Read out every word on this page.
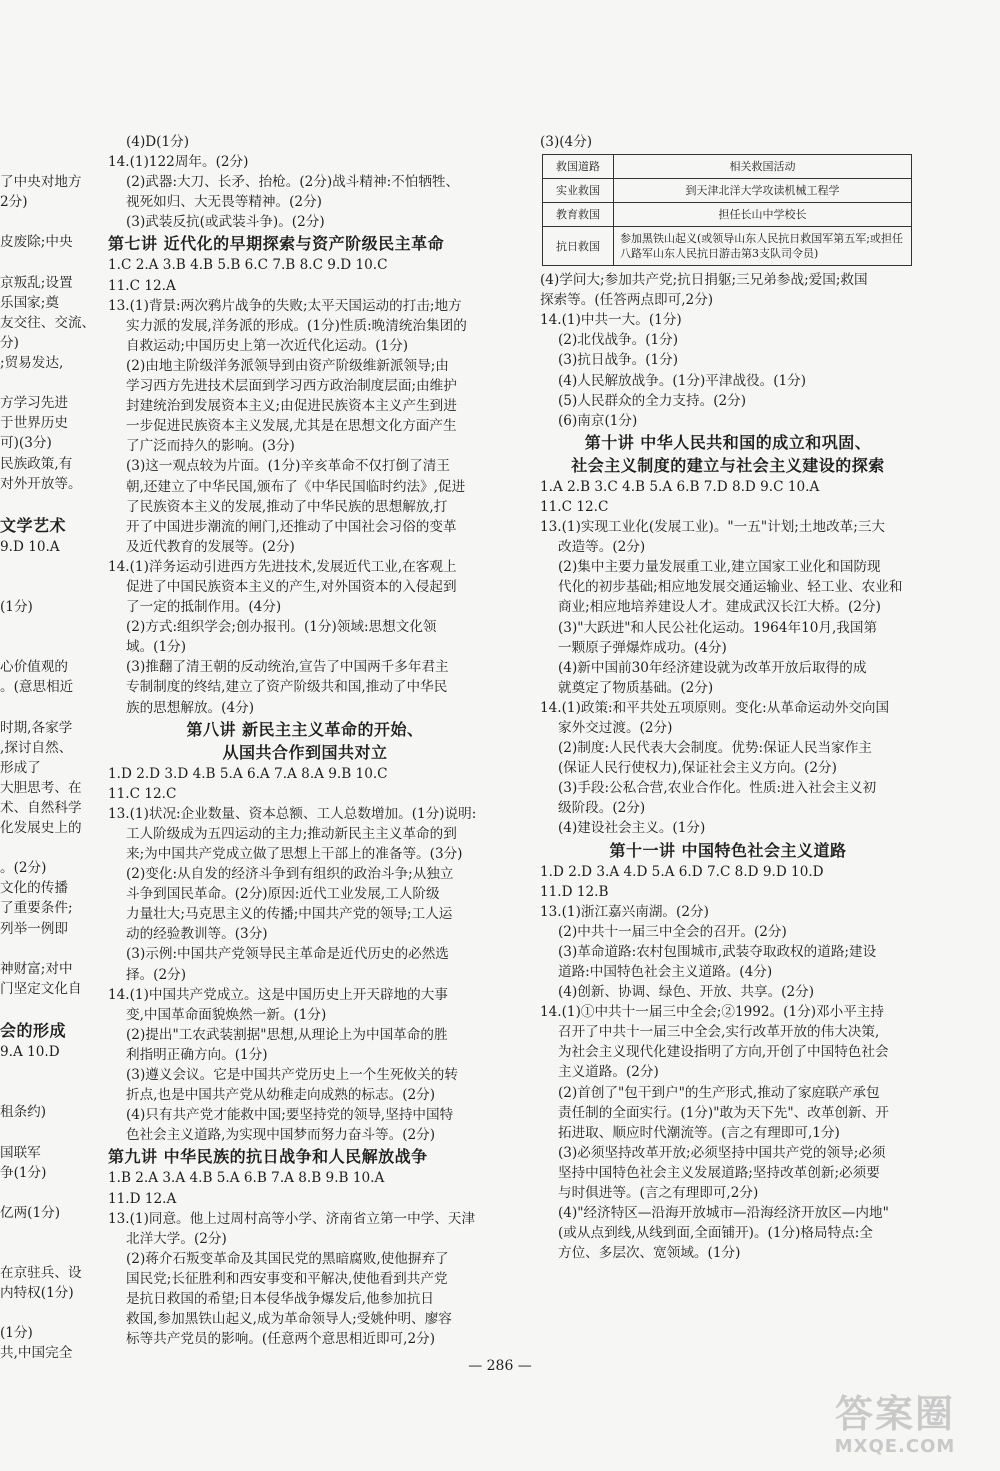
了中央对地方
2分)

皮废除;中央

京叛乱;设置
乐国家;奠
友交往、交流、
分)
;贸易发达,

方学习先进
于世界历史
可)(3分)
民族政策,有
对外开放等。

文学艺术
9.D 10.A

(1分)

心价值观的
。(意思相近

时期,各家学
,探讨自然、
形成了
大胆思考、在
术、自然科学
化发展史上的

。(2分)
文化的传播
了重要条件;
列举一例即

神财富;对中
门坚定文化自

会的形成
9.A 10.D

租条约)

国联军
争(1分)

亿两(1分)

在京驻兵、设
内特权(1分)

(1分)
共,中国完全
(4)D(1分)
14.(1)122周年。(2分)
(2)武器:大刀、长矛、抬枪。(2分)战斗精神:不怕牺牲、
视死如归、大无畏等精神。(2分)
(3)武装反抗(或武装斗争)。(2分)
第七讲 近代化的早期探索与资产阶级民主革命
1.C 2.A 3.B 4.B 5.B 6.C 7.B 8.C 9.D 10.C
11.C 12.A
13.(1)背景:两次鸦片战争的失败;太平天国运动的打击;地方
实力派的发展,洋务派的形成。(1分)性质:晚清统治集团的
自救运动;中国历史上第一次近代化运动。(1分)
(2)由地主阶级洋务派领导到由资产阶级维新派领导;由
学习西方先进技术层面到学习西方政治制度层面;由维护
封建统治到发展资本主义;由促进民族资本主义产生到进
一步促进民族资本主义发展,尤其是在思想文化方面产生
了广泛而持久的影响。(3分)
(3)这一观点较为片面。(1分)辛亥革命不仅打倒了清王
朝,还建立了中华民国,颁布了《中华民国临时约法》,促进
了民族资本主义的发展,推动了中华民族的思想解放,打
开了中国进步潮流的闸门,还推动了中国社会习俗的变革
及近代教育的发展等。(2分)
14.(1)洋务运动引进西方先进技术,发展近代工业,在客观上
促进了中国民族资本主义的产生,对外国资本的入侵起到
了一定的抵制作用。(4分)
(2)方式:组织学会;创办报刊。(1分)领域:思想文化领
域。(1分)
(3)推翻了清王朝的反动统治,宣告了中国两千多年君主
专制制度的终结,建立了资产阶级共和国,推动了中华民
族的思想解放。(4分)
第八讲 新民主主义革命的开始、
从国共合作到国共对立
1.D 2.D 3.D 4.B 5.A 6.A 7.A 8.A 9.B 10.C
11.C 12.C
13.(1)状况:企业数量、资本总额、工人总数增加。(1分)说明:
工人阶级成为五四运动的主力;推动新民主主义革命的到
来;为中国共产党成立做了思想上干部上的准备等。(3分)
(2)变化:从自发的经济斗争到有组织的政治斗争;从独立
斗争到国民革命。(2分)原因:近代工业发展,工人阶级
力量壮大;马克思主义的传播;中国共产党的领导;工人运
动的经验教训等。(3分)
(3)示例:中国共产党领导民主革命是近代历史的必然选
择。(2分)
14.(1)中国共产党成立。这是中国历史上开天辟地的大事
变,中国革命面貌焕然一新。(1分)
(2)提出"工农武装割据"思想,从理论上为中国革命的胜
利指明正确方向。(1分)
(3)遵义会议。它是中国共产党历史上一个生死攸关的转
折点,也是中国共产党从幼稚走向成熟的标志。(2分)
(4)只有共产党才能救中国;要坚持党的领导,坚持中国特
色社会主义道路,为实现中国梦而努力奋斗等。(2分)
第九讲 中华民族的抗日战争和人民解放战争
1.B 2.A 3.A 4.B 5.A 6.B 7.A 8.B 9.B 10.A
11.D 12.A
13.(1)同意。他上过周村高等小学、济南省立第一中学、天津
北洋大学。(2分)
(2)蒋介石叛变革命及其国民党的黑暗腐败,使他摒弃了
国民党;长征胜利和西安事变和平解决,使他看到共产党
是抗日救国的希望;日本侵华战争爆发后,他参加抗日
救国,参加黑铁山起义,成为革命领导人;受姚仲明、廖容
标等共产党员的影响。(任意两个意思相近即可,2分)
(3)(4分)
救国道路	相关救国活动
实业救国	到天津北洋大学攻读机械工程学
教育救国	担任长山中学校长
抗日救国	参加黑铁山起义(或领导山东人民抗日救国军第五军;或担任八路军山东人民抗日游击第3支队司令员)
(4)学问大;参加共产党;抗日捐躯;三兄弟参战;爱国;救国
探索等。(任答两点即可,2分)
14.(1)中共一大。(1分)
(2)北伐战争。(1分)
(3)抗日战争。(1分)
(4)人民解放战争。(1分)平津战役。(1分)
(5)人民群众的全力支持。(2分)
(6)南京(1分)
第十讲 中华人民共和国的成立和巩固、
社会主义制度的建立与社会主义建设的探索
1.A 2.B 3.C 4.B 5.A 6.B 7.D 8.D 9.C 10.A
11.C 12.C
13.(1)实现工业化(发展工业)。"一五"计划;土地改革;三大
改造等。(2分)
(2)集中主要力量发展重工业,建立国家工业化和国防现
代化的初步基础;相应地发展交通运输业、轻工业、农业和
商业;相应地培养建设人才。建成武汉长江大桥。(2分)
(3)"大跃进"和人民公社化运动。1964年10月,我国第
一颗原子弹爆炸成功。(4分)
(4)新中国前30年经济建设就为改革开放后取得的成
就奠定了物质基础。(2分)
14.(1)政策:和平共处五项原则。变化:从革命运动外交向国
家外交过渡。(2分)
(2)制度:人民代表大会制度。优势:保证人民当家作主
(保证人民行使权力),保证社会主义方向。(2分)
(3)手段:公私合营,农业合作化。性质:进入社会主义初
级阶段。(2分)
(4)建设社会主义。(1分)
第十一讲 中国特色社会主义道路
1.D 2.D 3.A 4.D 5.A 6.D 7.C 8.D 9.D 10.D
11.D 12.B
13.(1)浙江嘉兴南湖。(2分)
(2)中共十一届三中全会的召开。(2分)
(3)革命道路:农村包围城市,武装夺取政权的道路;建设
道路:中国特色社会主义道路。(4分)
(4)创新、协调、绿色、开放、共享。(2分)
14.(1)①中共十一届三中全会;②1992。(1分)邓小平主持
召开了中共十一届三中全会,实行改革开放的伟大决策,
为社会主义现代化建设指明了方向,开创了中国特色社会
主义道路。(2分)
(2)首创了"包干到户"的生产形式,推动了家庭联产承包
责任制的全面实行。(1分)"敢为天下先"、改革创新、开
拓进取、顺应时代潮流等。(言之有理即可,1分)
(3)必须坚持改革开放;必须坚持中国共产党的领导;必须
坚持中国特色社会主义发展道路;坚持改革创新;必须要
与时俱进等。(言之有理即可,2分)
(4)"经济特区—沿海开放城市—沿海经济开放区—内地"
(或从点到线,从线到面,全面铺开)。(1分)格局特点:全
方位、多层次、宽领域。(1分)
— 286 —
答案圈
MXQE.COM
